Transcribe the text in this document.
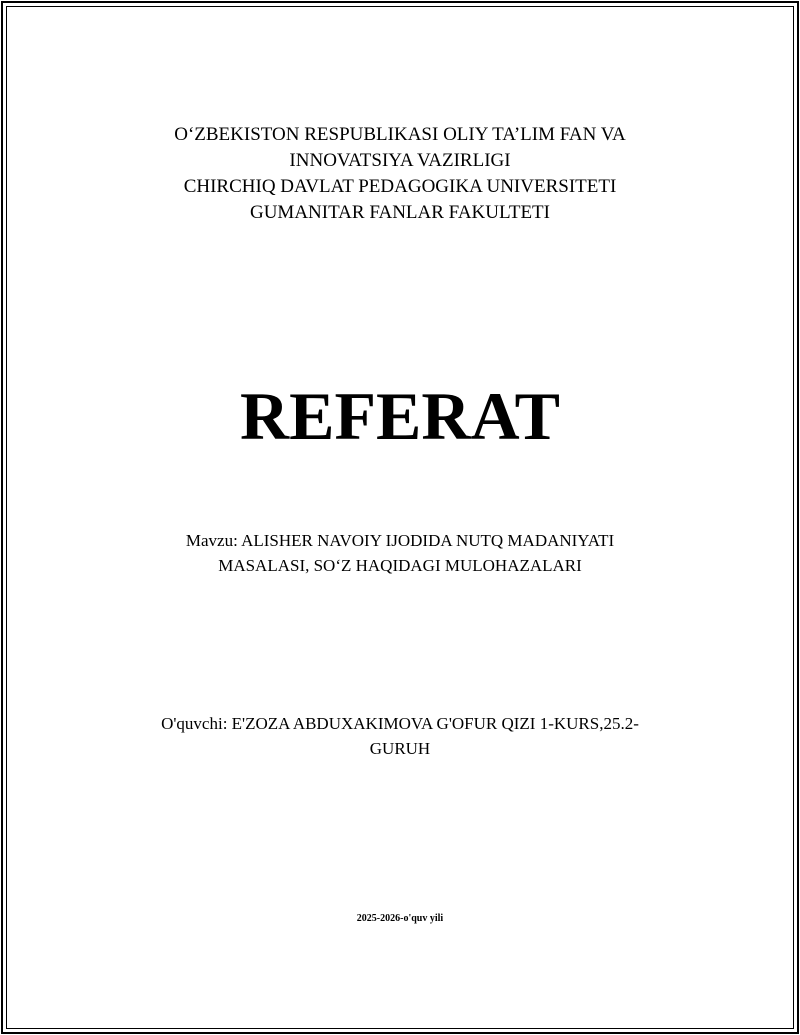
O‘ZBEKISTON RESPUBLIKASI OLIY TA’LIM FAN VA
INNOVATSIYA VAZIRLIGI
CHIRCHIQ DAVLAT PEDAGOGIKA UNIVERSITETI
GUMANITAR FANLAR FAKULTETI
REFERAT
Mavzu: ALISHER NAVOIY IJODIDA NUTQ MADANIYATI
MASALASI, SO‘Z HAQIDAGI MULOHAZALARI
O'quvchi: E'ZOZA ABDUXAKIMOVA G'OFUR QIZI 1-KURS,25.2-
GURUH
2025-2026-o'quv yili
